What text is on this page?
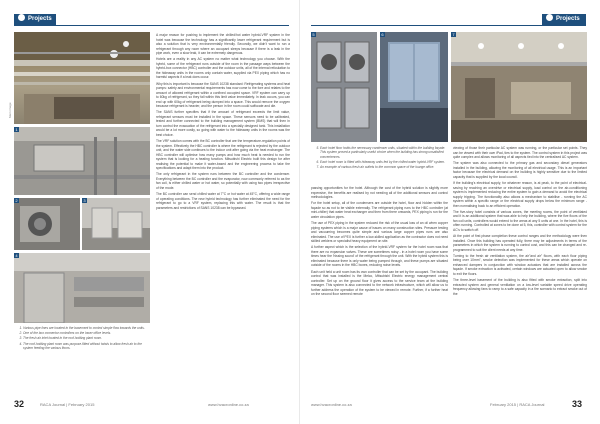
Projects
Main image
1
2	3
4
1. Various pipe lines are located in the basement to control simple flow towards the units.
2. One of the box connector controllers on the lower office levels.
3. The fresh air inlet located in the roof-holding plant room.
4. The roof-holding plant room was purpose-fitted without twists to allow fresh air to the system feeding the various floors.

A major reason for pushing to implement the chilled/hot water hybrid-VRF system in the hotel was because the technology has a significantly lower refrigerant requirement but is also a solution that is very environmentally friendly. Secondly, we didn't want to run a refrigerant through any room where an occupant sleeps because if there is a leak in the pipe work, even a slow leak, it can be extremely dangerous.

Hotels are a reality in any AC system no matter what technology you choose. With the hybrid, some of the refrigerant runs outside of the room in the passage ways between the hybrid-box connector (HBC) controller and the outdoor units, all of the internal reticulation to the hideaway units in the rooms only contain water, supplied via PEX piping which has no harmful aspects if a leak does occur.

Why this is important is because the SANS 10238 standard: Refrigerating systems and heat pumps: safety and environmental requirements has now come to the fore and relates to the amount of allowed refrigerant within a confined occupied space. VRF system can carry up to 60kg of refrigerant, so they fall within this limit value immediately. In leak occurs, you can end up with 60kg of refrigerant being dumped into a space. This would remove the oxygen because refrigerant is heavier, and the person in the room could suffocate and die.

The SANS further specifies that if the amount of refrigerant exceeds the limit value, refrigerant sensors must be installed in the space. These sensors need to be calibrated, tested and further connected to the building management system (BMS) that will then in turn control the evacuation of the refrigerant into a specially designed tank. This installation would be a lot more costly, so going with water to the hideaway units in the rooms was the best choice.

The VRF solution comes with the BC controller that are the temperature-regulation points of the system. Effectively the HBC controller is where the refrigerant is rejected by the outdoor unit, and the water side continues to the indoor unit after going via the heat exchanger. The HBC controller will optimise how many pumps and how much heat is needed to run the system that is looking for a heating function. Mitsubishi Electric built this design for after realising the potential to make it water-based and the engineering process to take the specifications and adapt them into the product.

The only refrigerant in the system runs between the BC controller and the condenser. Everything between the BC controller and the evaporator, now commonly referred to as the fan coil, is either chilled water or hot water, so potentially with using two pipes irrespective of the mode.

The BC controller can send chilled water at 7°C or hot water at 45°C, offering a wide range of operating conditions. The new hybrid technology has further eliminated the need for the refrigerant to go to a VRF system, replacing this with water. The result is that the parameters and restrictions of SANS 10238 can be bypassed.

32	RACA Journal | February 2015	www.hvacronline.co.za
Projects
5	6	7
5. Each hotel floor holds the necessary condenser units, situated within the building façade. This system proved a particularly useful choice when the building has strong unsatisfied conveniences.
6. Each hotel room is fitted with hideaway units fed by the chilled water hybrid-VRF system.
7. An example of various fresh air outlets to the common space of the lounge office.

passing opportunities for the hotel. Although the cost of the hybrid solution is slightly more expensive, the benefits are realised by not needing all of the additional sensors and control methodologies.

For the hotel setup, all of the condensers are outside the hotel, floor and hidden within the façade so as not to be visible externally. The refrigerant piping runs to the HBC controller (at mini-chiller) that water heat exchanger and then from there onwards, PEX piping is run for the water circulation pipes.

The use of PEX piping in the system reduced the risk of the usual loss of an oil when copper piping systems which is a major cause of issues on many construction sites. Pressure testing and vacuuming becomes quite simple and various large copper pipes runs are also eliminated. The use of PEX is further a low-skilled application as the contractor does not need skilled welders or specialist heavy equipment on site.

A further aspect which is the selection of the hybrid-VRF system for the hotel room was that there are no expansion valves. These are sometimes noisy - in a hotel room you have some times hear the 'hissing sound' of the refrigerant through the unit. With the hybrid system this is eliminated because there is only water being pumped through, and these pumps are situated outside of the rooms in the HBC boxes, reducing noise levels.

Each unit held a unit room has its own controller that can be set by the occupant. The building control that was installed is the Melco, Mitsubishi Electric energy management central controller. Set up on the ground floor it gives access to the service team at the building manager. This system is also connected to the network infrastructure, which will allow us to further address the operation of the system to be viewed in remote. Further, if a further heat on the second floor seemed remote

viewing of those their particular AC system was running, or the particular set points. They can be viewed with their own iPad, ties to the system. The control system in this project was quite complex and allows monitoring of all aspects tied into the centralised AC system.

The system was also connected to the primary gas and secondary diesel generators installed in the building, allowing the monitoring of all electrical usage. This is an important factor because the electrical demand on the building is highly sensitive due to the limited capacity that is supplied by the local council.

If the building's electrical supply, for whatever reason, is at peak, to the point of electrical-saving by reaching an overdrive or electrical supply, load control on the air-conditioning system is implemented reducing the entire system to gain a demand to avoid the electrical supply tripping. The functionality also allows a mechanism to stabilise - running the AC system within a specific range or the electrical supply drops below the minimum range - then normalising back to an efficient operation.

The five-story hotel consists of various zones, the meeting rooms, the point of ventilated and it is an additional system that was able to help the building, where the five floors of the fan coil units, controllers would extend to the areas at any 5 units at one. In the hotel, this is often running. Controlled at zones to be done at 5, this, controller with control system for the AC's to switch off.

At the point of first phase completion these control ranges and the methodology were then installed. Once this building has operated fully, there may be adjustments in terms of the parameters in which the system is running to control cost, and this can be changed and re-programmed to suit the client needs at any time.

Turning to the fresh air ventilation system, the air"and air" floors, with each floor piping being over 10mm", smoke detection was implemented for these areas which operate on enhanced dampers in conjunction with window actuators that are installed across the façade. If smoke extraction is activated, certain windows are actuated open to allow smoke to exit the floors.

The three-level basement of the building is also fitted with smoke extraction, split into extracted system and general ventilation on a low-level variable speed drive operating frequency allowing fans to ramp to a safe capacity in a fire scenario to extract smoke out of the

www.hvacronline.co.za	February 2015 | RACA Journal	33
